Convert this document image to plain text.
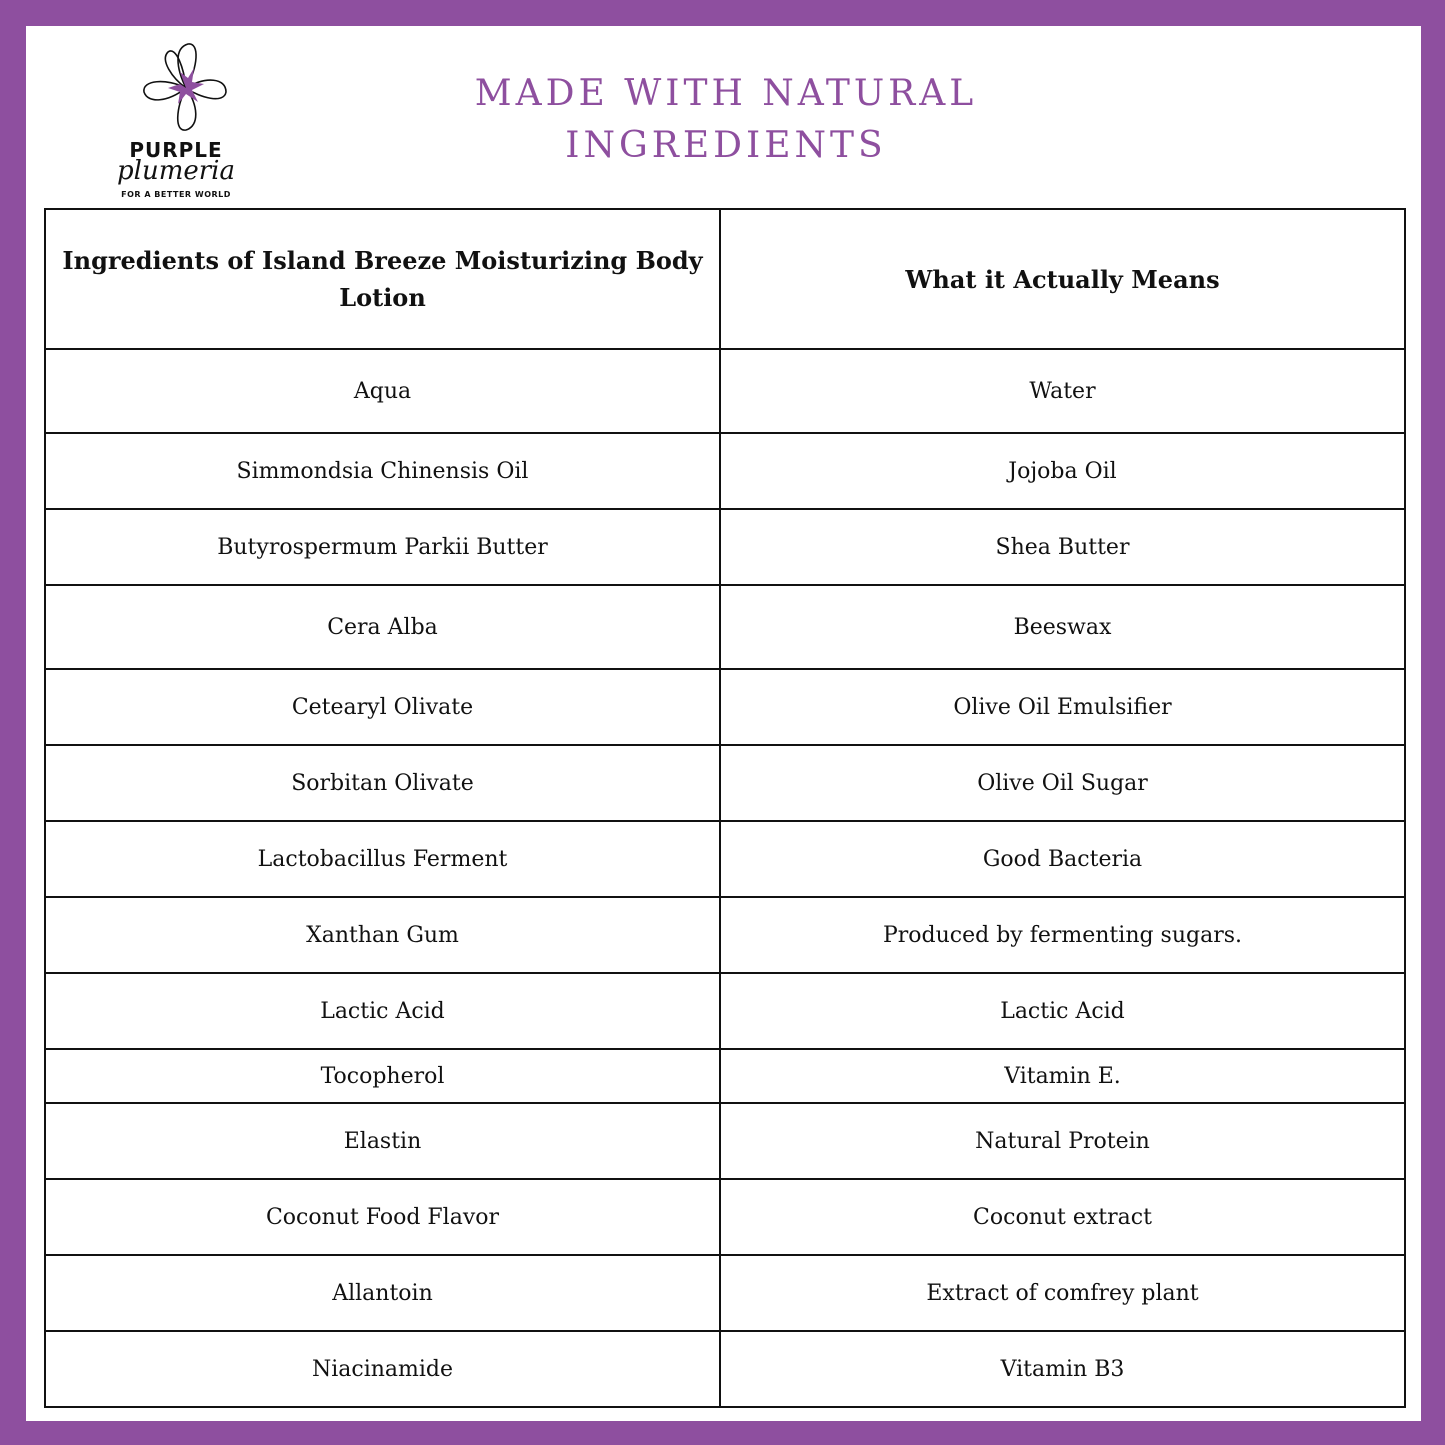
PURPLE
plumeria
FOR A BETTER WORLD
MADE WITH NATURAL
INGREDIENTS
Ingredients of Island Breeze Moisturizing Body Lotion	What it Actually Means
Aqua	Water
Simmondsia Chinensis Oil	Jojoba Oil
Butyrospermum Parkii Butter	Shea Butter
Cera Alba	Beeswax
Cetearyl Olivate	Olive Oil Emulsifier
Sorbitan Olivate	Olive Oil Sugar
Lactobacillus Ferment	Good Bacteria
Xanthan Gum	Produced by fermenting sugars.
Lactic Acid	Lactic Acid
Tocopherol	Vitamin E.
Elastin	Natural Protein
Coconut Food Flavor	Coconut extract
Allantoin	Extract of comfrey plant
Niacinamide	Vitamin B3
